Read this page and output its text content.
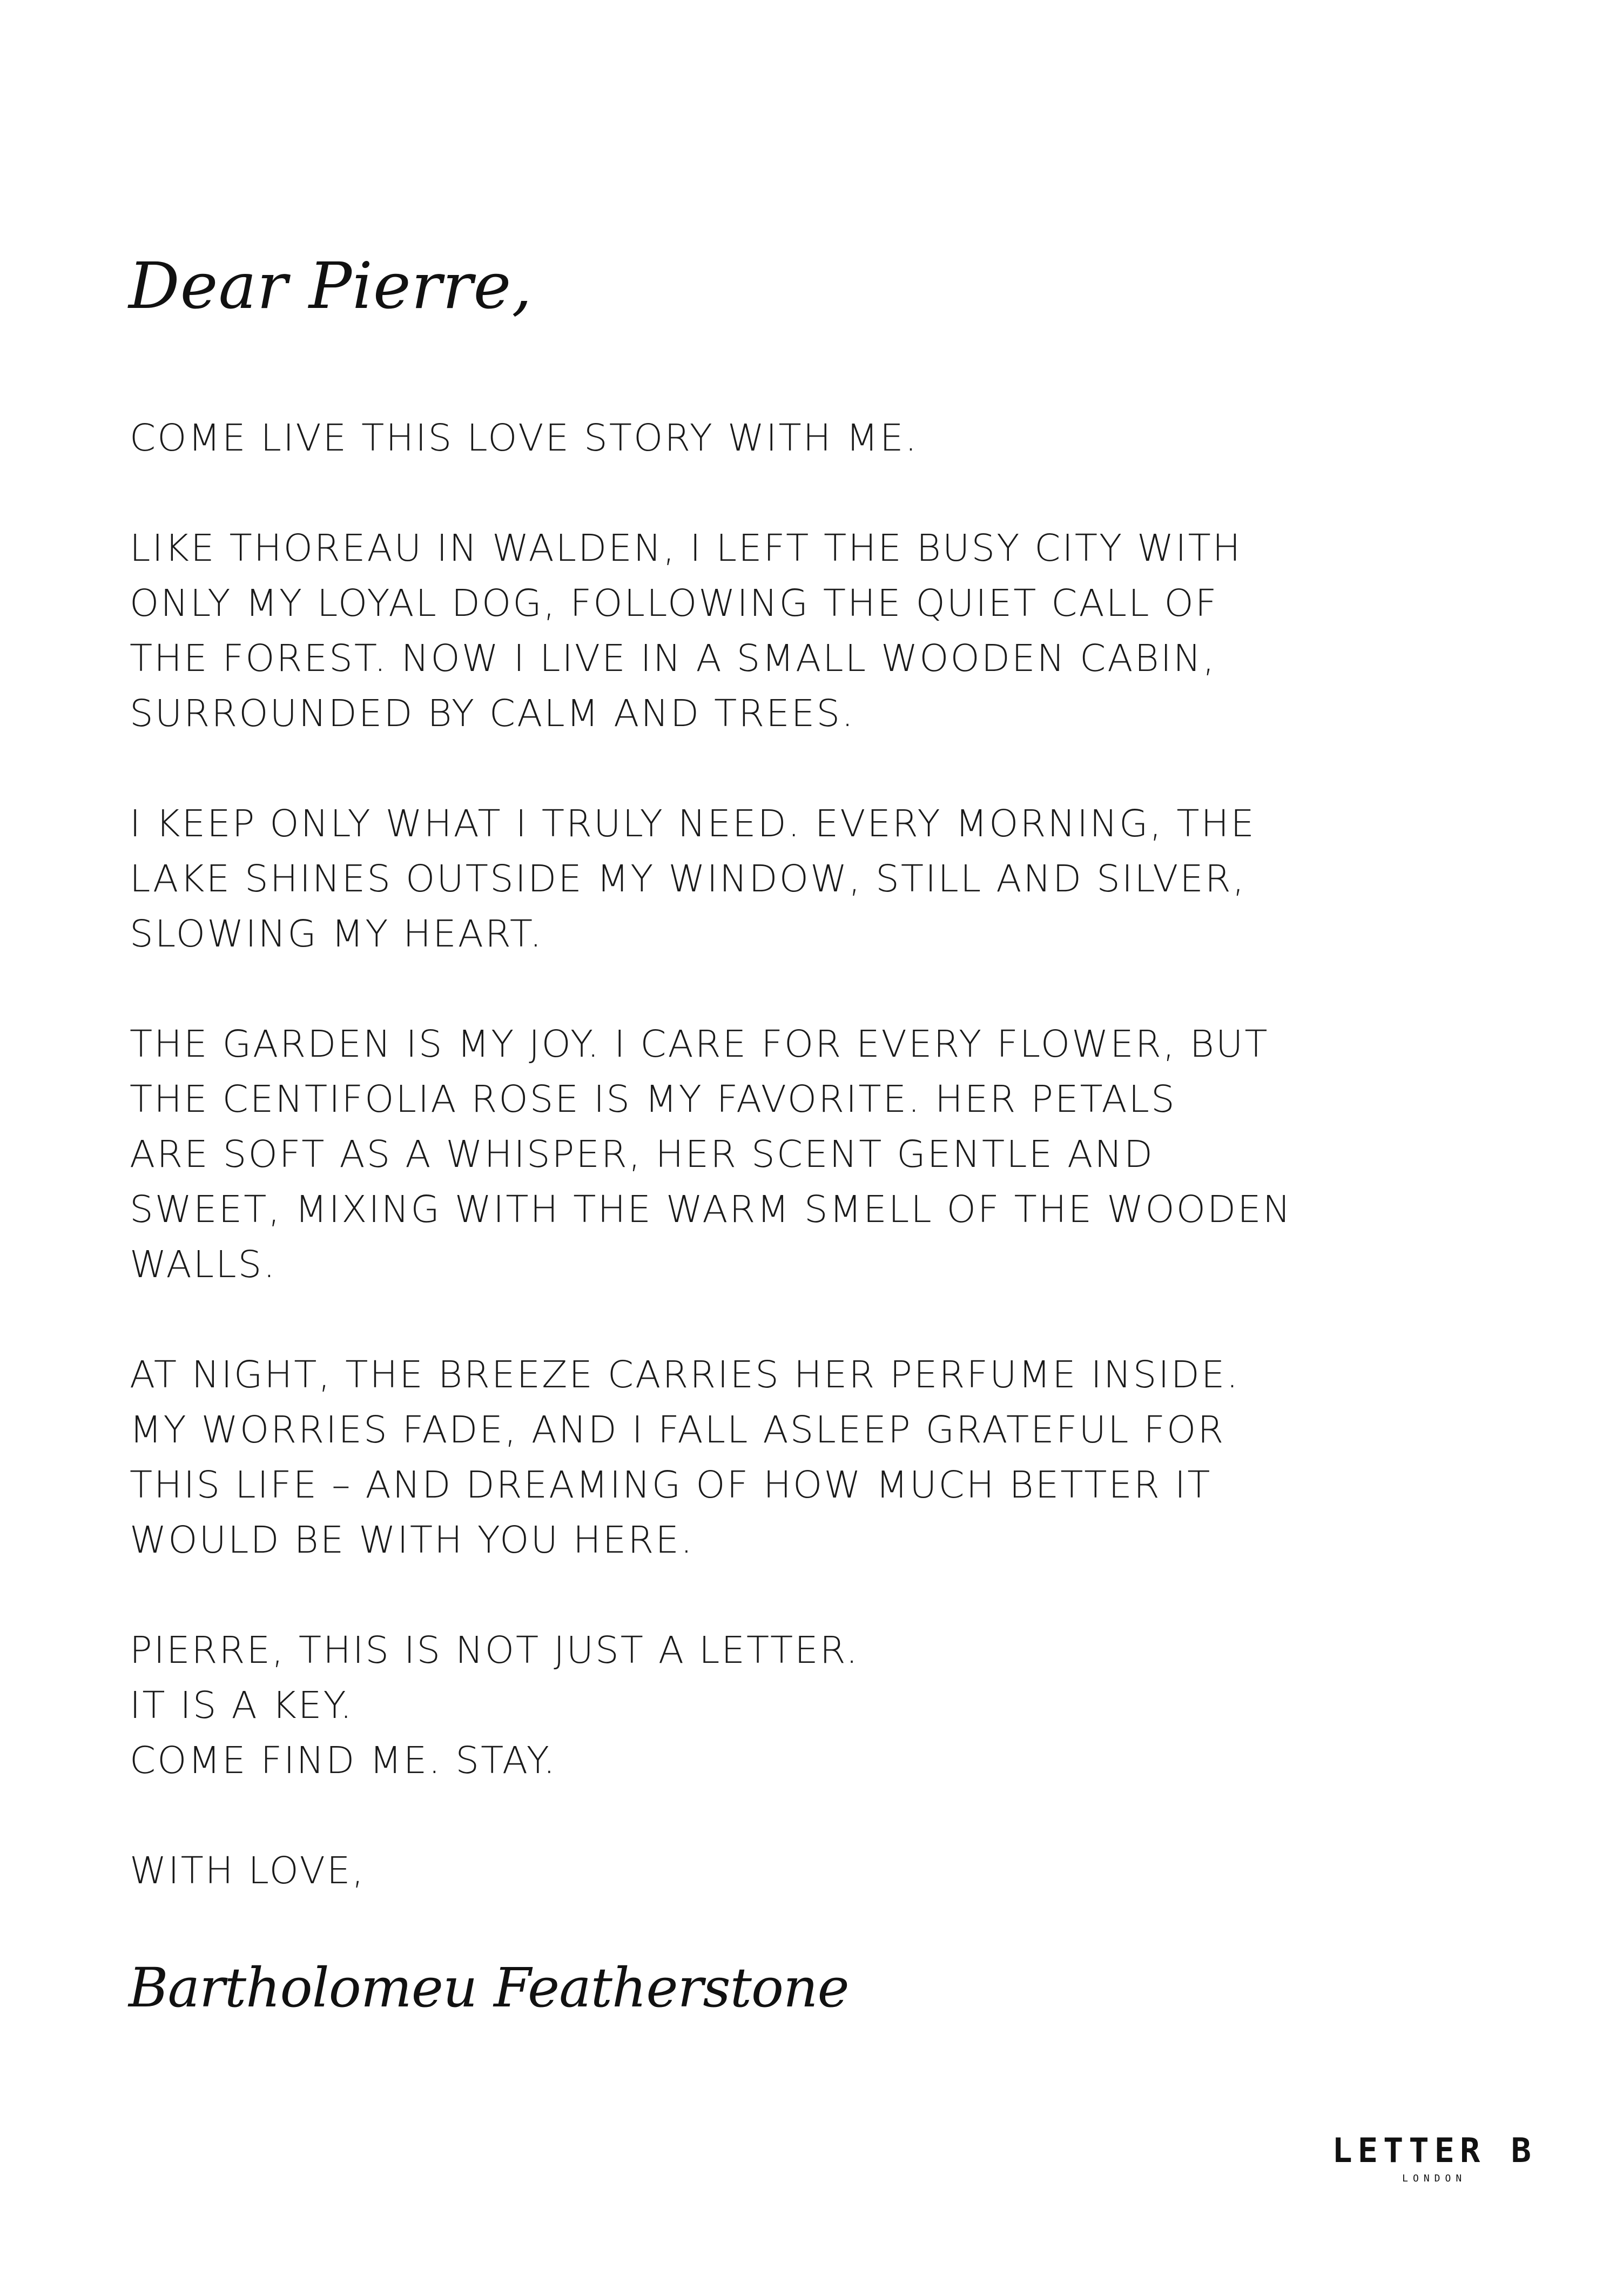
Dear Pierre,

COME LIVE THIS LOVE STORY WITH ME.

LIKE THOREAU IN WALDEN, I LEFT THE BUSY CITY WITH
ONLY MY LOYAL DOG, FOLLOWING THE QUIET CALL OF
THE FOREST. NOW I LIVE IN A SMALL WOODEN CABIN,
SURROUNDED BY CALM AND TREES.

I KEEP ONLY WHAT I TRULY NEED. EVERY MORNING, THE
LAKE SHINES OUTSIDE MY WINDOW, STILL AND SILVER,
SLOWING MY HEART.

THE GARDEN IS MY JOY. I CARE FOR EVERY FLOWER, BUT
THE CENTIFOLIA ROSE IS MY FAVORITE. HER PETALS
ARE SOFT AS A WHISPER, HER SCENT GENTLE AND
SWEET, MIXING WITH THE WARM SMELL OF THE WOODEN
WALLS.

AT NIGHT, THE BREEZE CARRIES HER PERFUME INSIDE.
MY WORRIES FADE, AND I FALL ASLEEP GRATEFUL FOR
THIS LIFE – AND DREAMING OF HOW MUCH BETTER IT
WOULD BE WITH YOU HERE.

PIERRE, THIS IS NOT JUST A LETTER.
IT IS A KEY.
COME FIND ME. STAY.

WITH LOVE,

Bartholomeu Featherstone
LETTER B
LONDON
